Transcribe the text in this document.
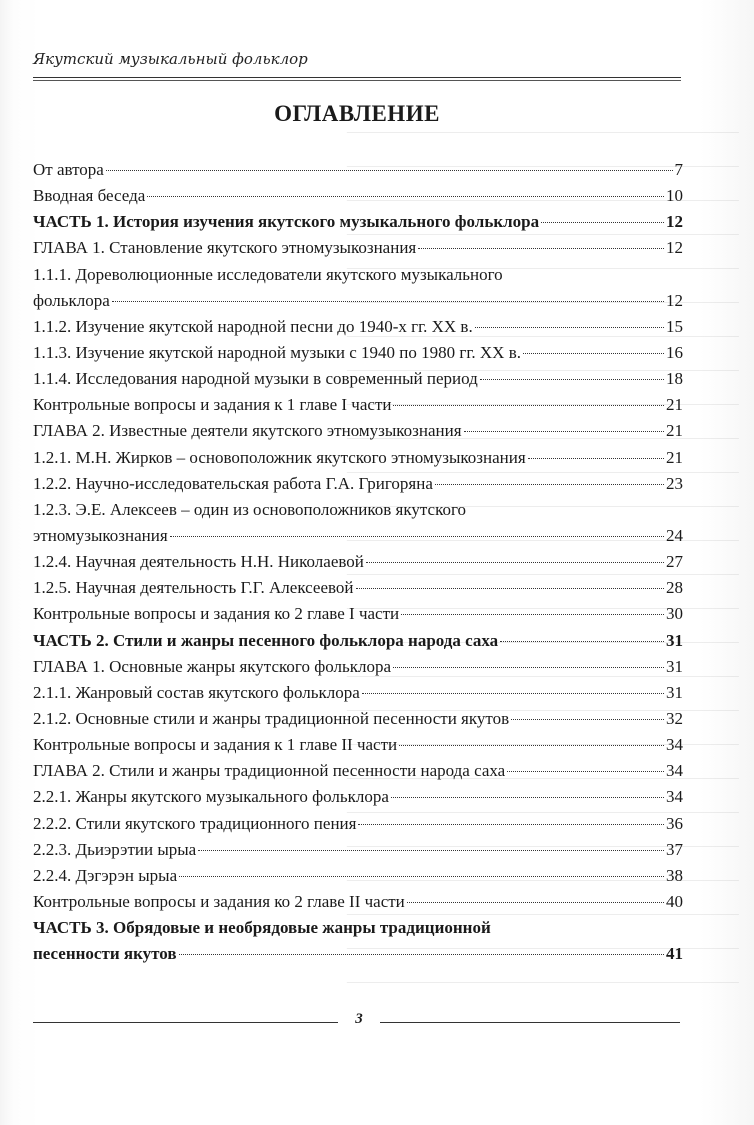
Якутский музыкальный фольклор
ОГЛАВЛЕНИЕ
От автора	7
Вводная беседа	10
ЧАСТЬ 1. История изучения якутского музыкального фольклора	12
ГЛАВА 1. Становление якутского этномузыкознания	12
1.1.1. Дореволюционные исследователи якутского музыкального
фольклора	12
1.1.2. Изучение якутской народной песни до 1940-х гг. XX в.	15
1.1.3. Изучение якутской народной музыки с 1940 по 1980 гг. XX в.	16
1.1.4. Исследования народной музыки в современный период	18
Контрольные вопросы и задания к 1 главе I части	21
ГЛАВА 2. Известные деятели якутского этномузыкознания	21
1.2.1. М.Н. Жирков – основоположник якутского этномузыкознания	21
1.2.2. Научно-исследовательская работа Г.А. Григоряна	23
1.2.3. Э.Е. Алексеев – один из основоположников якутского
этномузыкознания	24
1.2.4. Научная деятельность Н.Н. Николаевой	27
1.2.5. Научная деятельность Г.Г. Алексеевой	28
Контрольные вопросы и задания ко 2 главе I части	30
ЧАСТЬ 2. Стили и жанры песенного фольклора народа саха	31
ГЛАВА 1. Основные жанры якутского фольклора	31
2.1.1. Жанровый состав якутского фольклора	31
2.1.2. Основные стили и жанры традиционной песенности якутов	32
Контрольные вопросы и задания к 1 главе II части	34
ГЛАВА 2. Стили и жанры традиционной песенности народа саха	34
2.2.1. Жанры якутского музыкального фольклора	34
2.2.2. Стили якутского традиционного пения	36
2.2.3. Дьиэрэтии ырыа	37
2.2.4. Дэгэрэн ырыа	38
Контрольные вопросы и задания ко 2 главе II части	40
ЧАСТЬ 3. Обрядовые и необрядовые жанры традиционной
песенности якутов	41
3
